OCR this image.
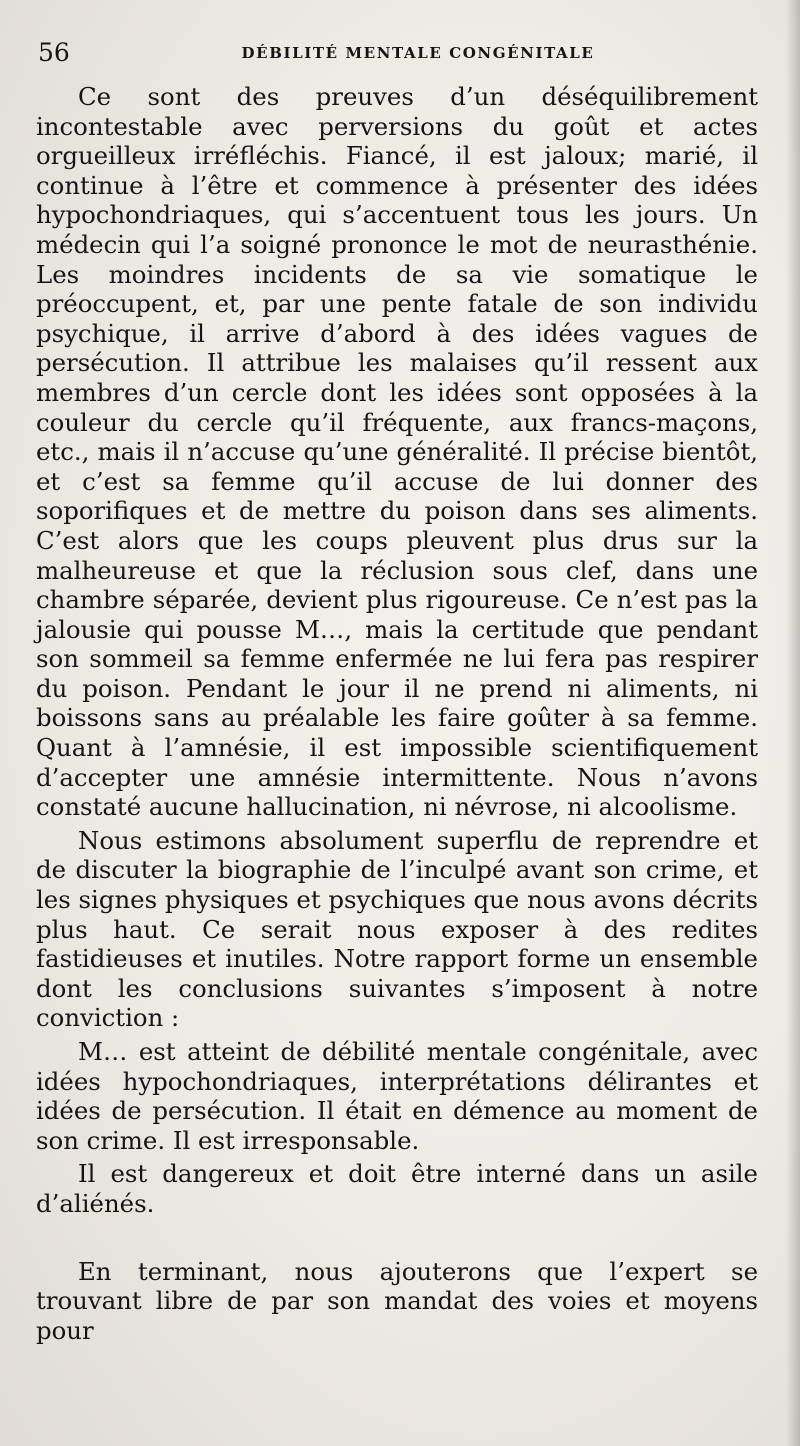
56	DÉBILITÉ MENTALE CONGÉNITALE

Ce sont des preuves d’un déséquilibrement incontestable avec perversions du goût et actes orgueilleux irréfléchis. Fiancé, il est jaloux; marié, il continue à l’être et commence à présenter des idées hypochondriaques, qui s’accentuent tous les jours. Un médecin qui l’a soigné prononce le mot de neurasthénie. Les moindres incidents de sa vie somatique le préoccupent, et, par une pente fatale de son individu psychique, il arrive d’abord à des idées vagues de persécution. Il attribue les malaises qu’il ressent aux membres d’un cercle dont les idées sont opposées à la couleur du cercle qu’il fréquente, aux francs-maçons, etc., mais il n’accuse qu’une généralité. Il précise bientôt, et c’est sa femme qu’il accuse de lui donner des soporifiques et de mettre du poison dans ses aliments. C’est alors que les coups pleuvent plus drus sur la malheureuse et que la réclusion sous clef, dans une chambre séparée, devient plus rigoureuse. Ce n’est pas la jalousie qui pousse M…, mais la certitude que pendant son sommeil sa femme enfermée ne lui fera pas respirer du poison. Pendant le jour il ne prend ni aliments, ni boissons sans au préalable les faire goûter à sa femme. Quant à l’amnésie, il est impossible scientifiquement d’accepter une amnésie intermittente. Nous n’avons constaté aucune hallucination, ni névrose, ni alcoolisme.

Nous estimons absolument superflu de reprendre et de discuter la biographie de l’inculpé avant son crime, et les signes physiques et psychiques que nous avons décrits plus haut. Ce serait nous exposer à des redites fastidieuses et inutiles. Notre rapport forme un ensemble dont les conclusions suivantes s’imposent à notre conviction :

M… est atteint de débilité mentale congénitale, avec idées hypochondriaques, interprétations délirantes et idées de persécution. Il était en démence au moment de son crime. Il est irresponsable.

Il est dangereux et doit être interné dans un asile d’aliénés.

En terminant, nous ajouterons que l’expert se trouvant libre de par son mandat des voies et moyens pour
